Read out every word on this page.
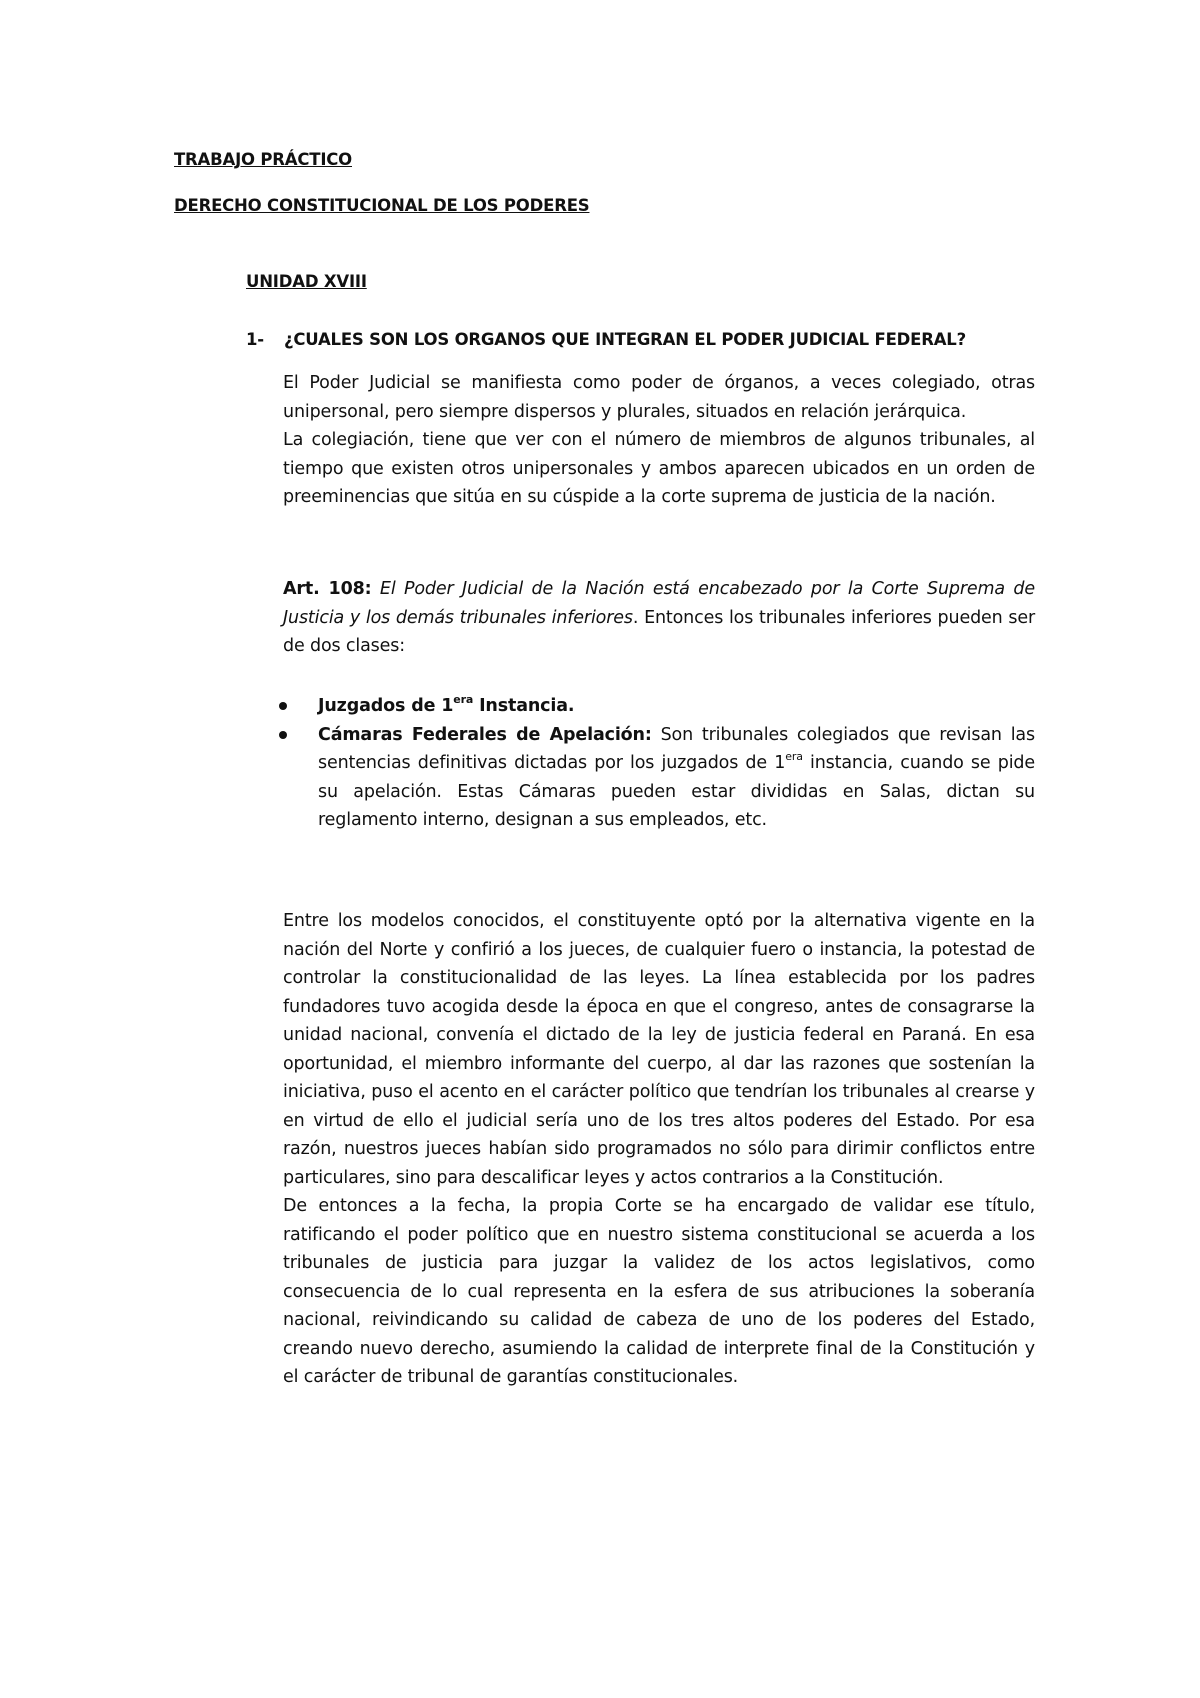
TRABAJO PRÁCTICO
DERECHO CONSTITUCIONAL DE LOS PODERES
UNIDAD XVIII
1- ¿CUALES SON LOS ORGANOS QUE INTEGRAN EL PODER JUDICIAL FEDERAL?

El Poder Judicial se manifiesta como poder de órganos, a veces colegiado, otras unipersonal, pero siempre dispersos y plurales, situados en relación jerárquica.

La colegiación, tiene que ver con el número de miembros de algunos tribunales, al tiempo que existen otros unipersonales y ambos aparecen ubicados en un orden de preeminencias que sitúa en su cúspide a la corte suprema de justicia de la nación.

Art. 108: El Poder Judicial de la Nación está encabezado por la Corte Suprema de Justicia y los demás tribunales inferiores. Entonces los tribunales inferiores pueden ser de dos clases:

Juzgados de $1^{era}$ Instancia.
Cámaras Federales de Apelación: Son tribunales colegiados que revisan las sentencias definitivas dictadas por los juzgados de $1^{era}$ instancia, cuando se pide su apelación. Estas Cámaras pueden estar divididas en Salas, dictan su reglamento interno, designan a sus empleados, etc.

Entre los modelos conocidos, el constituyente optó por la alternativa vigente en la nación del Norte y confirió a los jueces, de cualquier fuero o instancia, la potestad de controlar la constitucionalidad de las leyes. La línea establecida por los padres fundadores tuvo acogida desde la época en que el congreso, antes de consagrarse la unidad nacional, convenía el dictado de la ley de justicia federal en Paraná. En esa oportunidad, el miembro informante del cuerpo, al dar las razones que sostenían la iniciativa, puso el acento en el carácter político que tendrían los tribunales al crearse y en virtud de ello el judicial sería uno de los tres altos poderes del Estado. Por esa razón, nuestros jueces habían sido programados no sólo para dirimir conflictos entre particulares, sino para descalificar leyes y actos contrarios a la Constitución.

De entonces a la fecha, la propia Corte se ha encargado de validar ese título, ratificando el poder político que en nuestro sistema constitucional se acuerda a los tribunales de justicia para juzgar la validez de los actos legislativos, como consecuencia de lo cual representa en la esfera de sus atribuciones la soberanía nacional, reivindicando su calidad de cabeza de uno de los poderes del Estado, creando nuevo derecho, asumiendo la calidad de interprete final de la Constitución y el carácter de tribunal de garantías constitucionales.
